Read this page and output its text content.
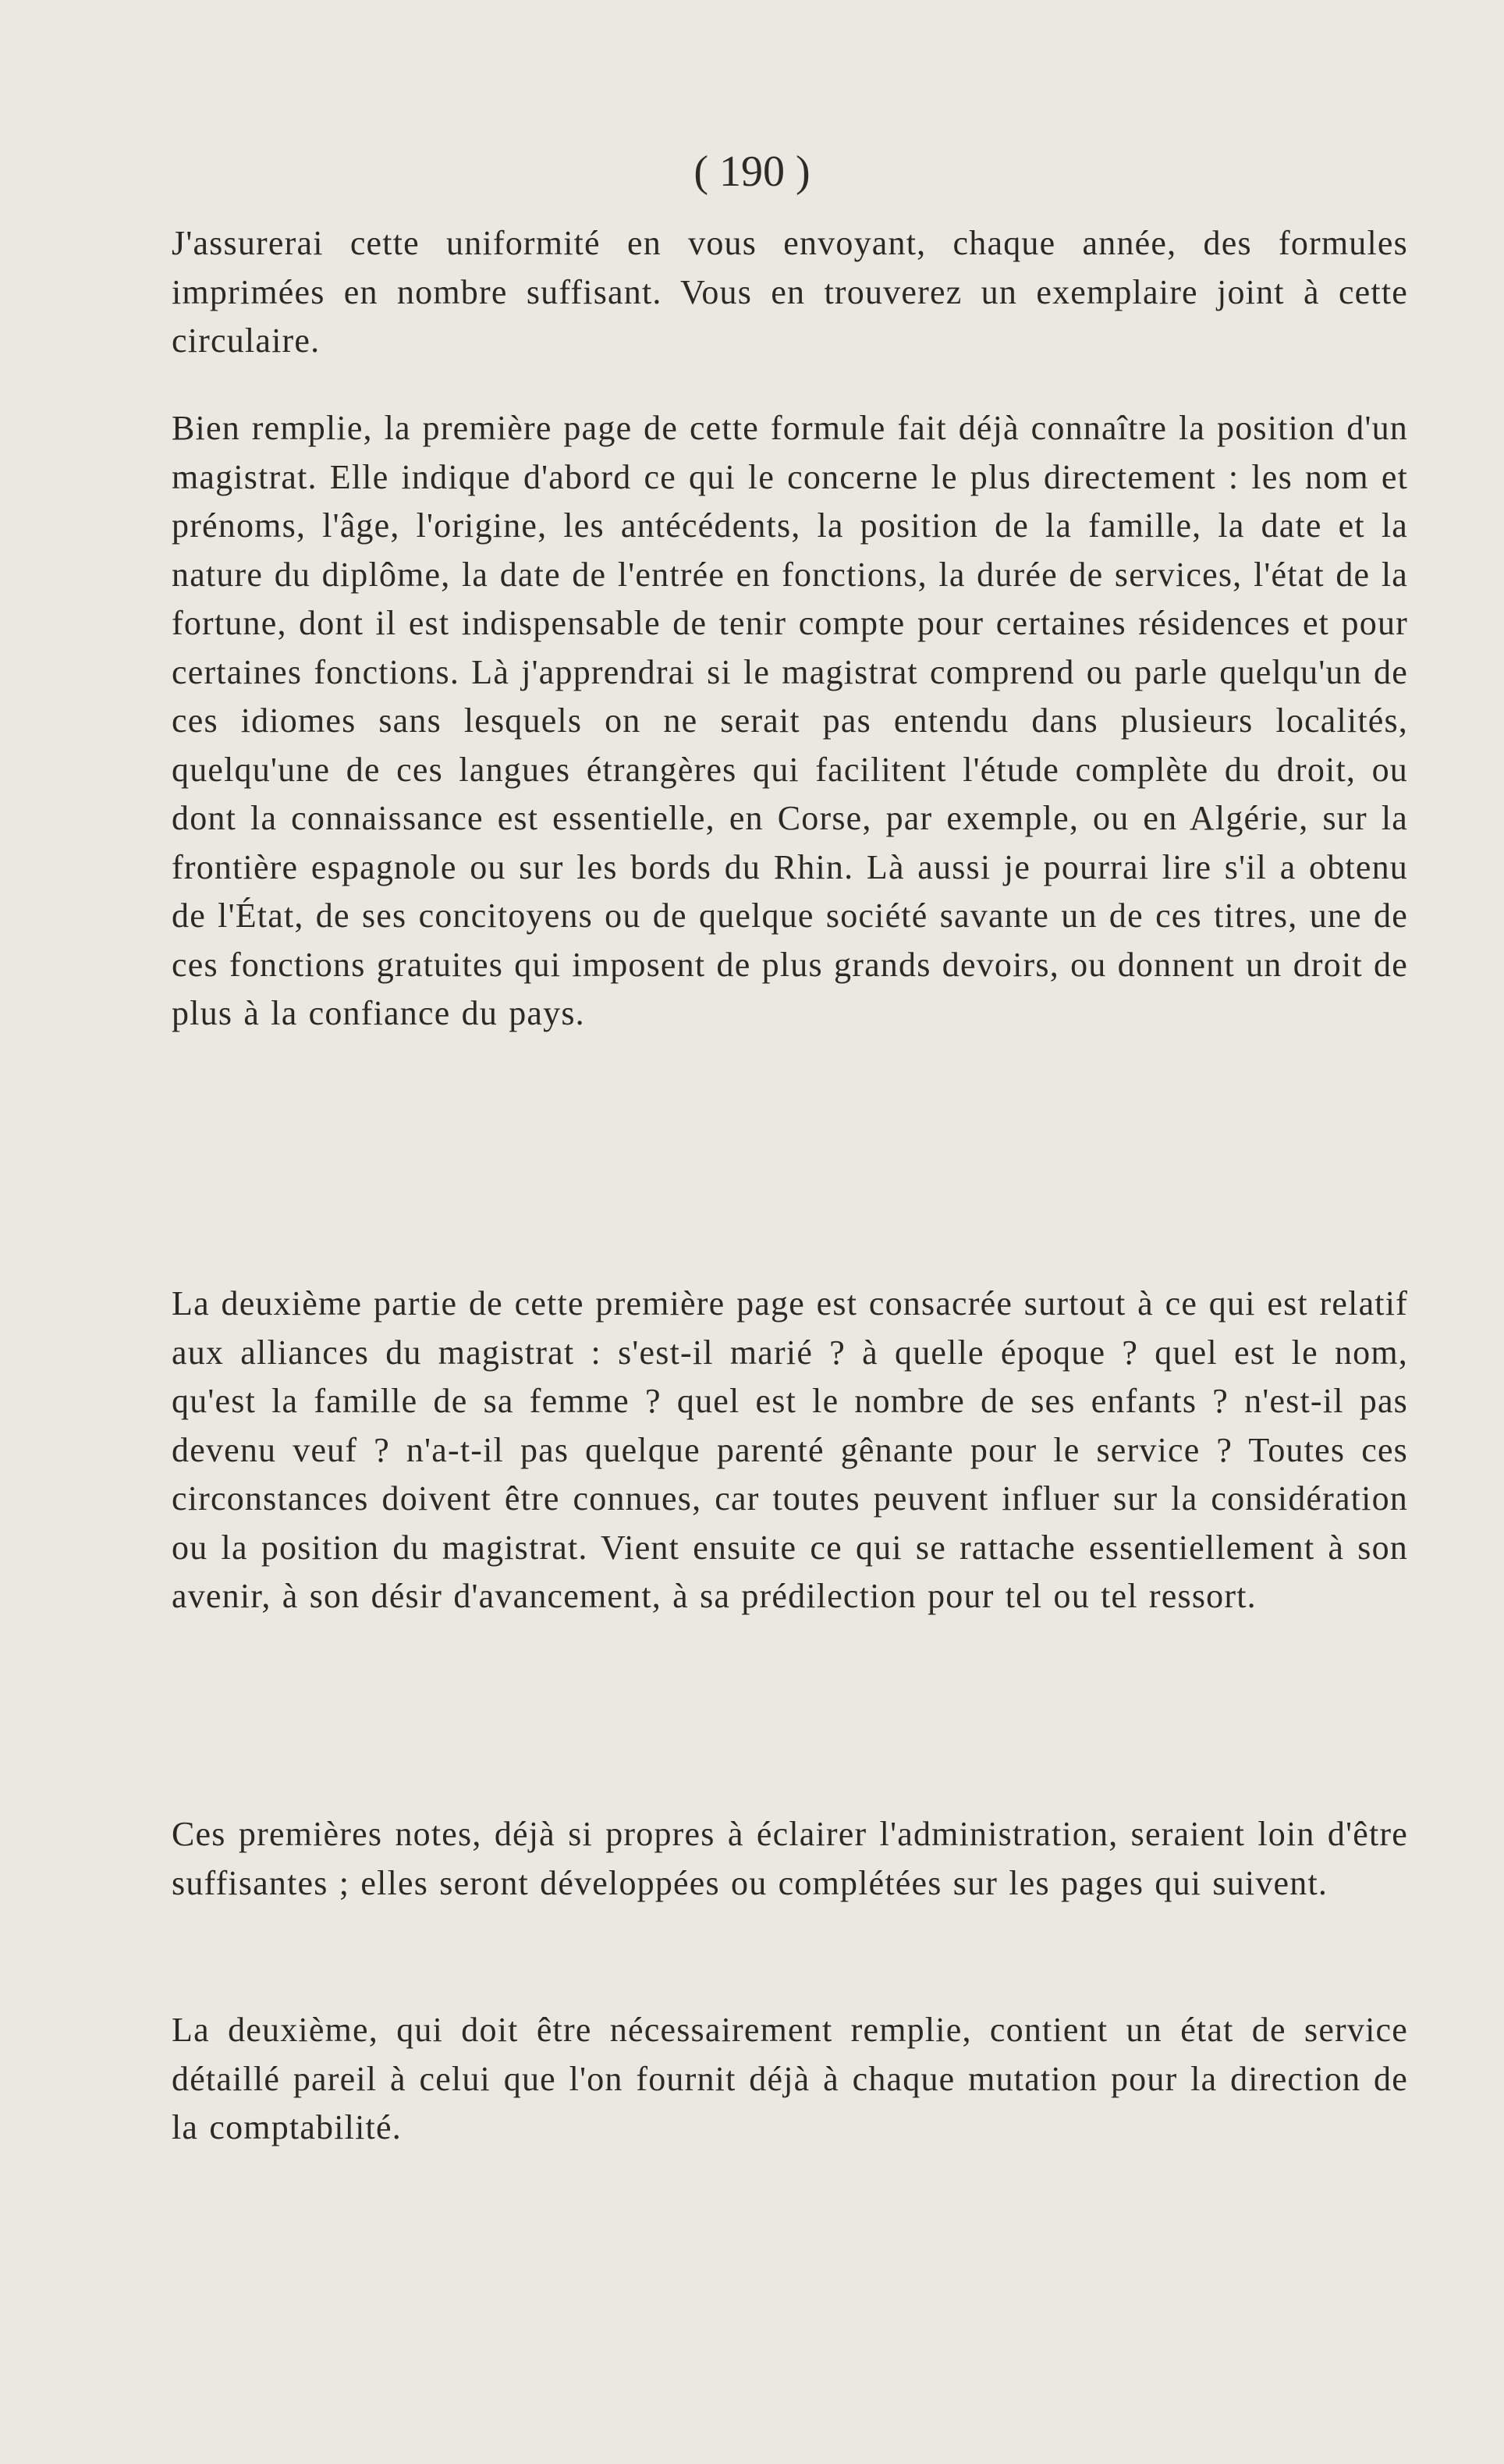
( 190 )

J'assurerai cette uniformité en vous envoyant, chaque année, des formules imprimées en nombre suffisant. Vous en trouverez un exemplaire joint à cette circulaire.

Bien remplie, la première page de cette formule fait déjà connaître la position d'un magistrat. Elle indique d'abord ce qui le concerne le plus directement : les nom et prénoms, l'âge, l'origine, les antécédents, la position de la famille, la date et la nature du diplôme, la date de l'entrée en fonctions, la durée de services, l'état de la fortune, dont il est indispensable de tenir compte pour certaines résidences et pour certaines fonctions. Là j'apprendrai si le magistrat comprend ou parle quelqu'un de ces idiomes sans lesquels on ne serait pas entendu dans plusieurs localités, quelqu'une de ces langues étrangères qui facilitent l'étude complète du droit, ou dont la connaissance est essentielle, en Corse, par exemple, ou en Algérie, sur la frontière espagnole ou sur les bords du Rhin. Là aussi je pourrai lire s'il a obtenu de l'État, de ses concitoyens ou de quelque société savante un de ces titres, une de ces fonctions gratuites qui imposent de plus grands devoirs, ou donnent un droit de plus à la confiance du pays.

La deuxième partie de cette première page est consacrée surtout à ce qui est relatif aux alliances du magistrat : s'est-il marié ? à quelle époque ? quel est le nom, qu'est la famille de sa femme ? quel est le nombre de ses enfants ? n'est-il pas devenu veuf ? n'a-t-il pas quelque parenté gênante pour le service ? Toutes ces circonstances doivent être connues, car toutes peuvent influer sur la considération ou la position du magistrat. Vient ensuite ce qui se rattache essentiellement à son avenir, à son désir d'avancement, à sa prédilection pour tel ou tel ressort.

Ces premières notes, déjà si propres à éclairer l'administration, seraient loin d'être suffisantes ; elles seront développées ou complétées sur les pages qui suivent.

La deuxième, qui doit être nécessairement remplie, contient un état de service détaillé pareil à celui que l'on fournit déjà à chaque mutation pour la direction de la comptabilité.
